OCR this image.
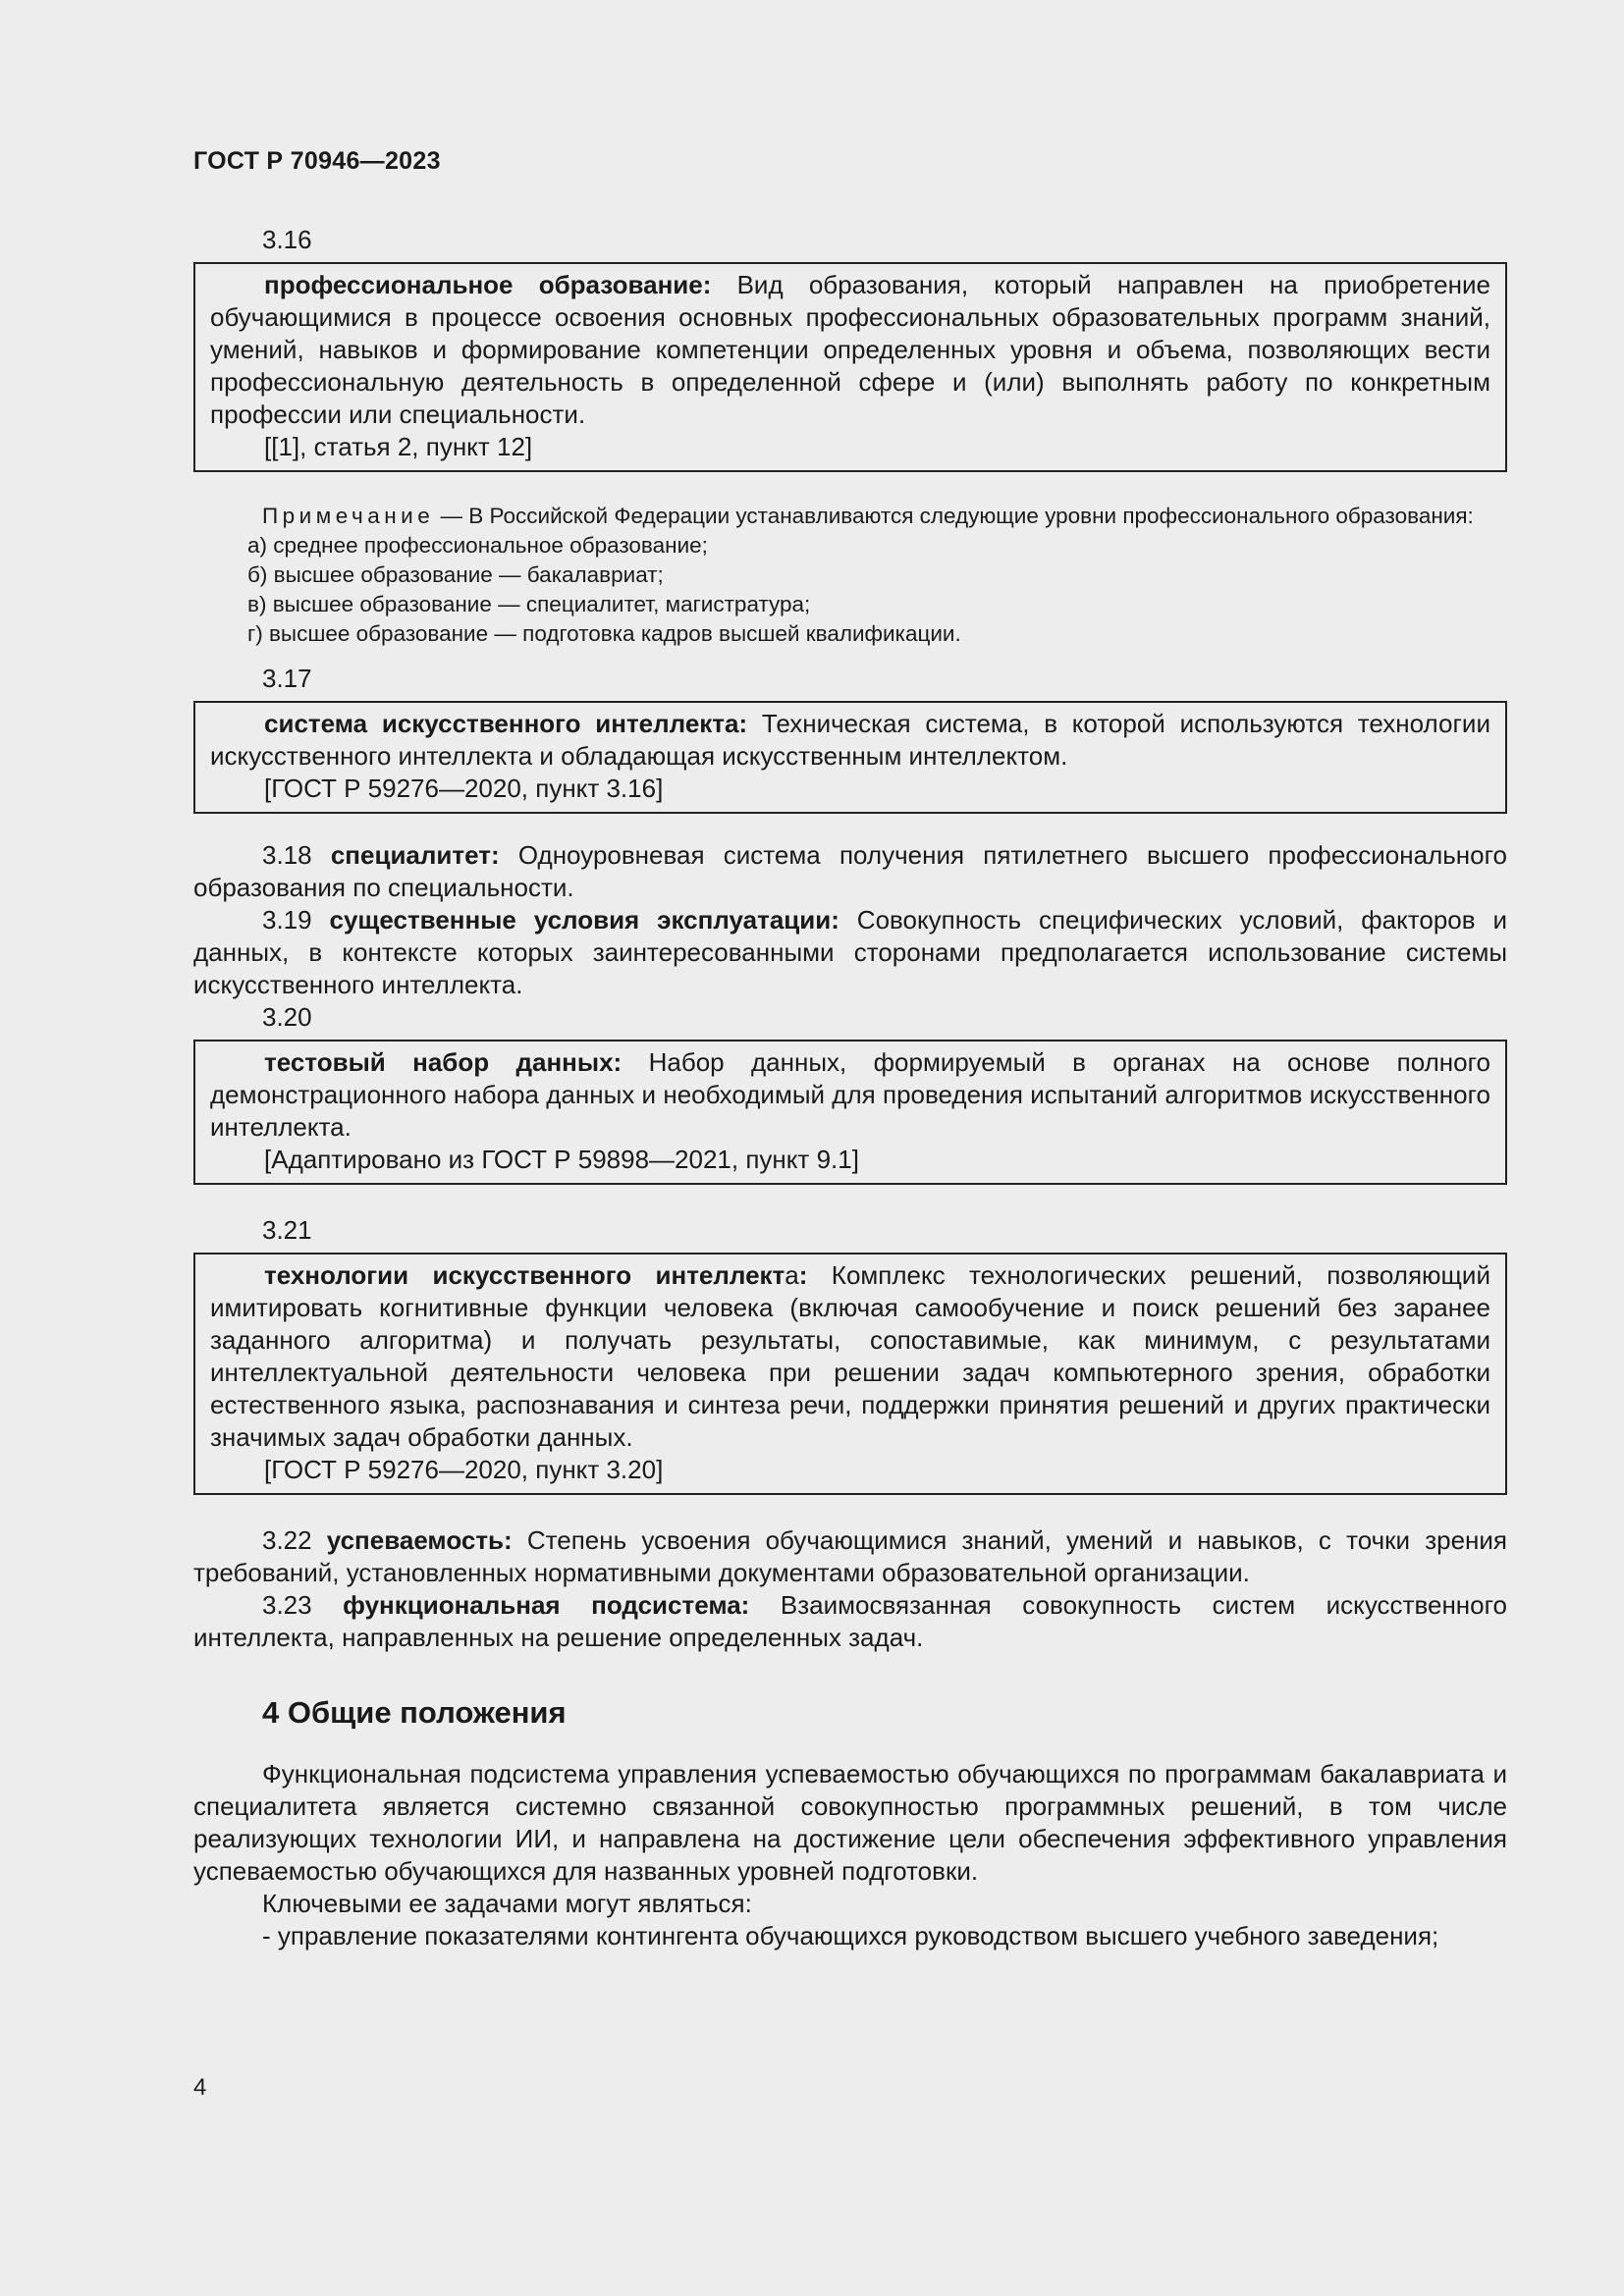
ГОСТ Р 70946—2023

3.16

профессиональное образование: Вид образования, который направлен на приобретение обучающимися в процессе освоения основных профессиональных образовательных программ знаний, умений, навыков и формирование компетенции определенных уровня и объема, позволяющих вести профессиональную деятельность в определенной сфере и (или) выполнять работу по конкретным профессии или специальности.

[[1], статья 2, пункт 12]

Примечание — В Российской Федерации устанавливаются следующие уровни профессионального образования:

а) среднее профессиональное образование;

б) высшее образование — бакалавриат;

в) высшее образование — специалитет, магистратура;

г) высшее образование — подготовка кадров высшей квалификации.

3.17

система искусственного интеллекта: Техническая система, в которой используются технологии искусственного интеллекта и обладающая искусственным интеллектом.

[ГОСТ Р 59276—2020, пункт 3.16]

3.18 специалитет: Одноуровневая система получения пятилетнего высшего профессионального образования по специальности.

3.19 существенные условия эксплуатации: Совокупность специфических условий, факторов и данных, в контексте которых заинтересованными сторонами предполагается использование системы искусственного интеллекта.

3.20

тестовый набор данных: Набор данных, формируемый в органах на основе полного демонстрационного набора данных и необходимый для проведения испытаний алгоритмов искусственного интеллекта.

[Адаптировано из ГОСТ Р 59898—2021, пункт 9.1]

3.21

технологии искусственного интеллекта: Комплекс технологических решений, позволяющий имитировать когнитивные функции человека (включая самообучение и поиск решений без заранее заданного алгоритма) и получать результаты, сопоставимые, как минимум, с результатами интеллектуальной деятельности человека при решении задач компьютерного зрения, обработки естественного языка, распознавания и синтеза речи, поддержки принятия решений и других практически значимых задач обработки данных.

[ГОСТ Р 59276—2020, пункт 3.20]

3.22 успеваемость: Степень усвоения обучающимися знаний, умений и навыков, с точки зрения требований, установленных нормативными документами образовательной организации.

3.23 функциональная подсистема: Взаимосвязанная совокупность систем искусственного интеллекта, направленных на решение определенных задач.

4 Общие положения

Функциональная подсистема управления успеваемостью обучающихся по программам бакалавриата и специалитета является системно связанной совокупностью программных решений, в том числе реализующих технологии ИИ, и направлена на достижение цели обеспечения эффективного управления успеваемостью обучающихся для названных уровней подготовки.

Ключевыми ее задачами могут являться:

- управление показателями контингента обучающихся руководством высшего учебного заведения;

4
